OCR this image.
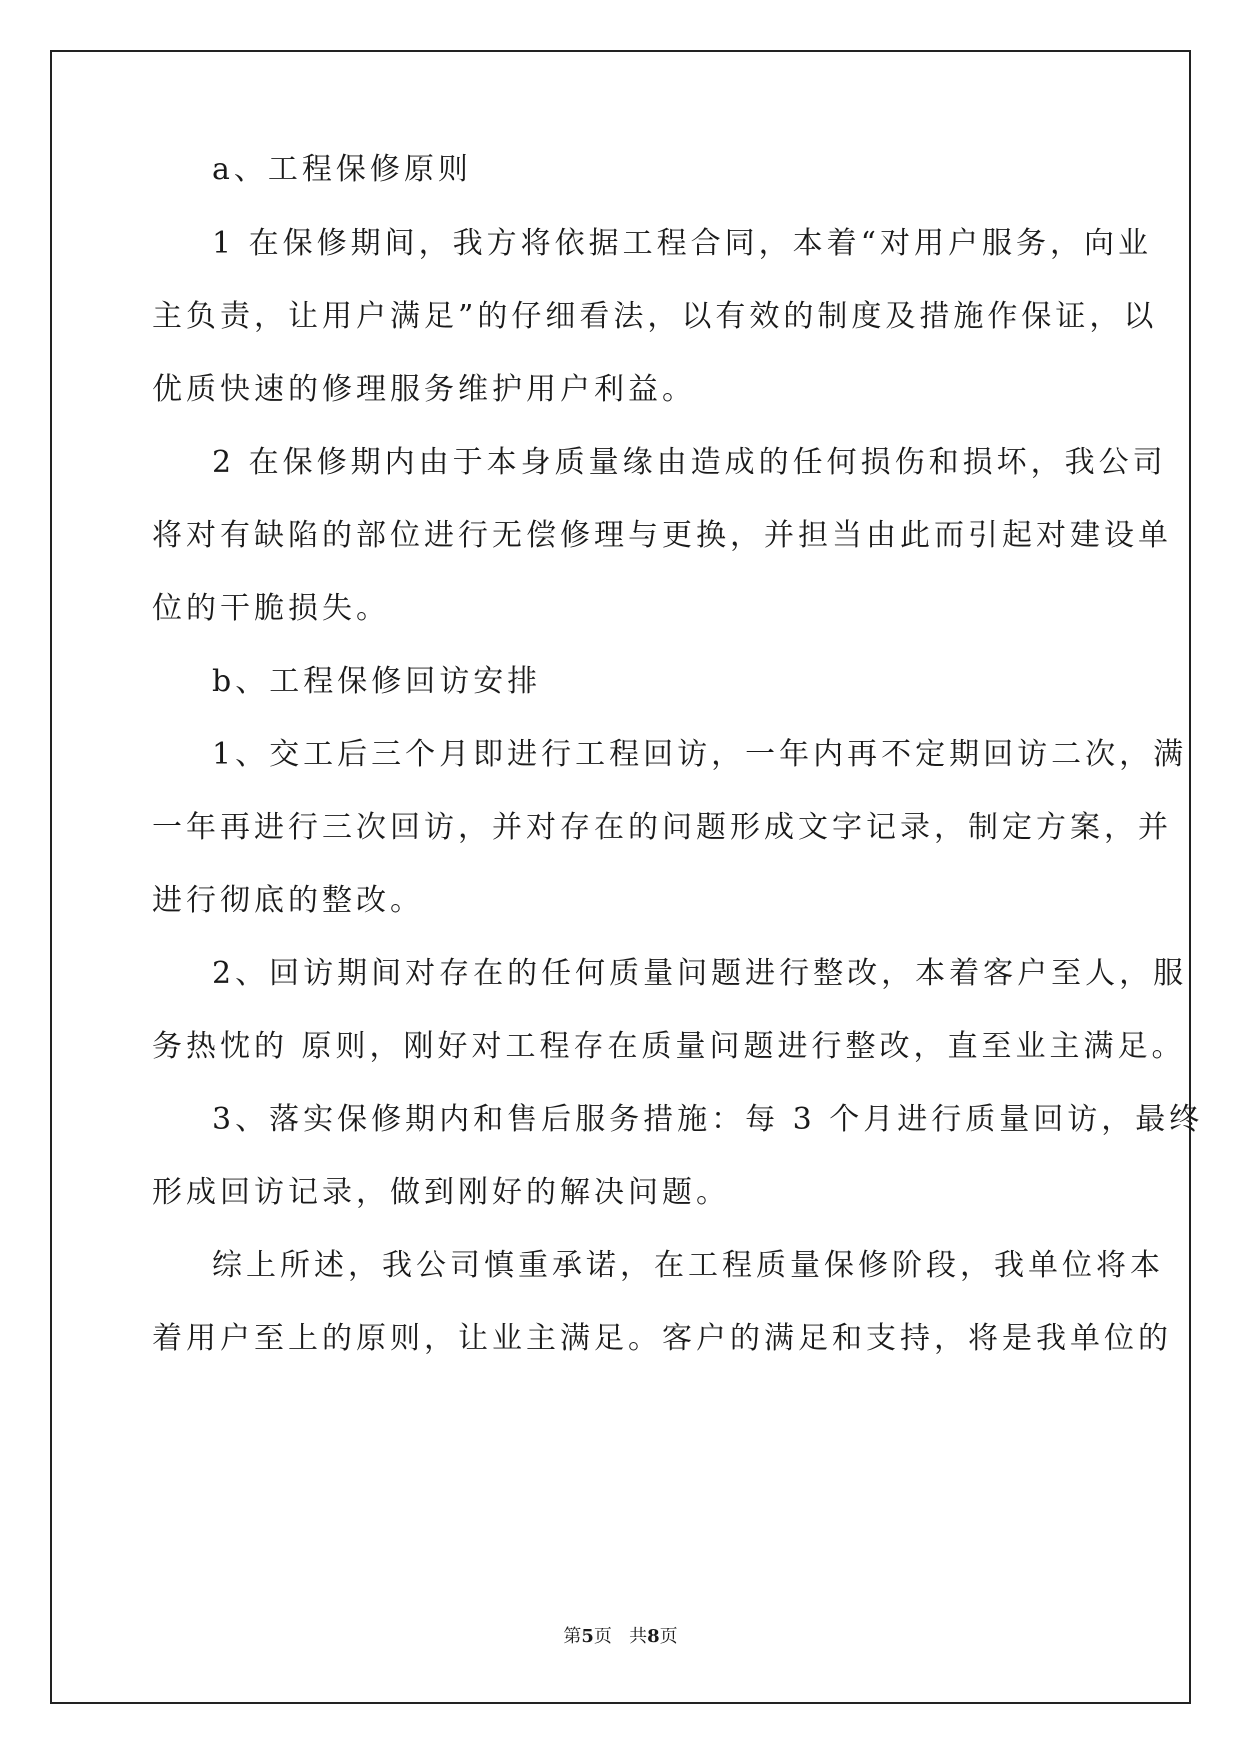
a、工程保修原则
1 在保修期间，我方将依据工程合同，本着“对用户服务，向业
主负责，让用户满足”的仔细看法，以有效的制度及措施作保证，以
优质快速的修理服务维护用户利益。
2 在保修期内由于本身质量缘由造成的任何损伤和损坏，我公司
将对有缺陷的部位进行无偿修理与更换，并担当由此而引起对建设单
位的干脆损失。
b、工程保修回访安排
1、交工后三个月即进行工程回访，一年内再不定期回访二次，满
一年再进行三次回访，并对存在的问题形成文字记录，制定方案，并
进行彻底的整改。
2、回访期间对存在的任何质量问题进行整改，本着客户至人，服
务热忱的 原则，刚好对工程存在质量问题进行整改，直至业主满足。
3、落实保修期内和售后服务措施：每 3 个月进行质量回访，最终
形成回访记录，做到刚好的解决问题。
综上所述，我公司慎重承诺，在工程质量保修阶段，我单位将本
着用户至上的原则，让业主满足。客户的满足和支持，将是我单位的
第5页 共8页
